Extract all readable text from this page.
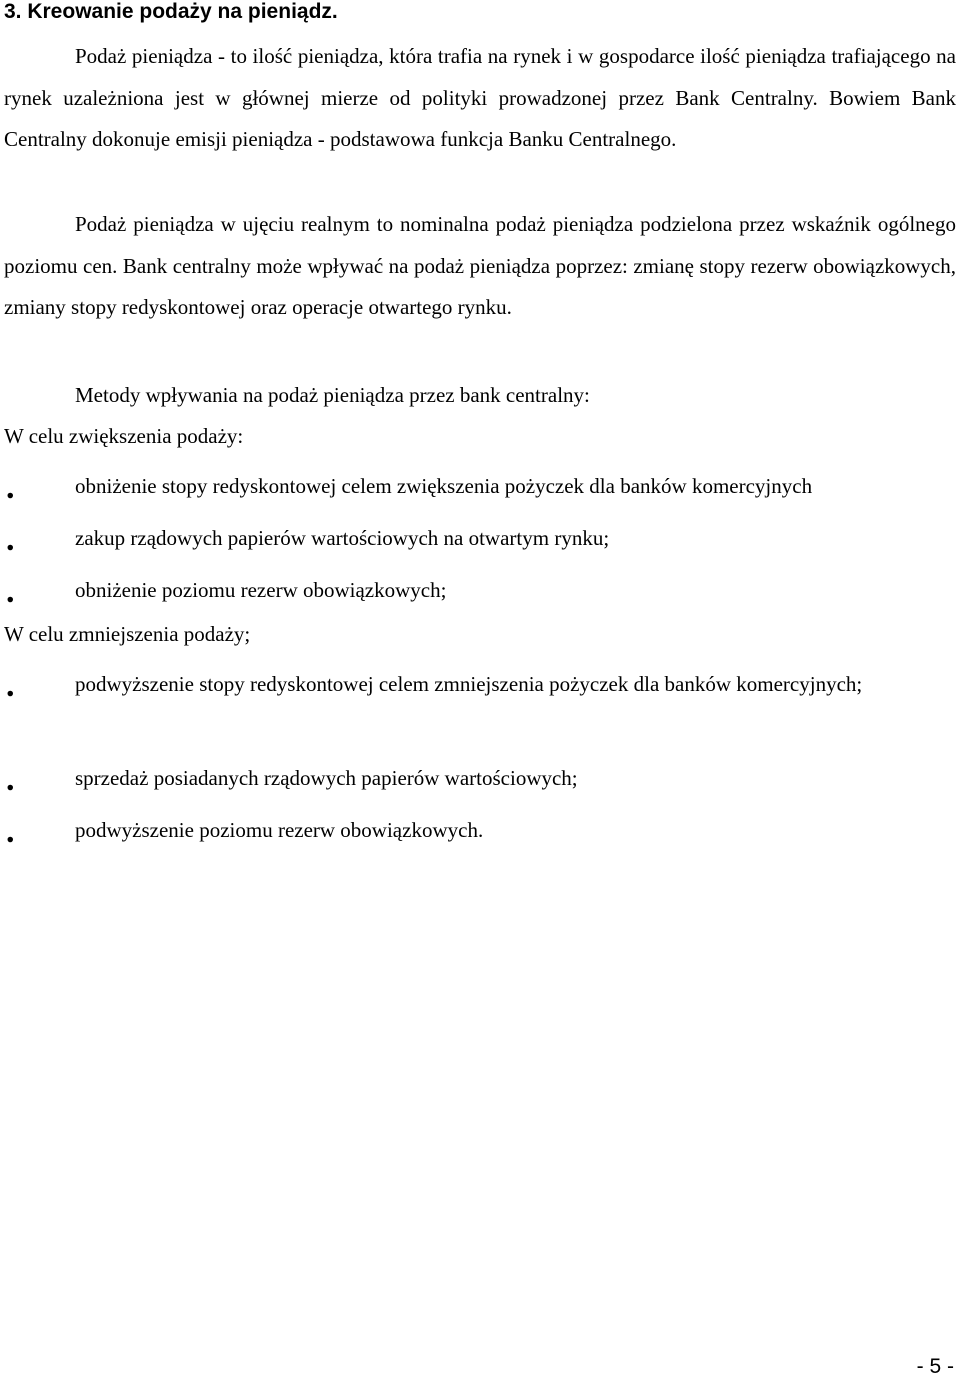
3. Kreowanie podaży na pieniądz.

Podaż pieniądza - to ilość pieniądza, która trafia na rynek i w gospodarce ilość pieniądza trafiającego na rynek uzależniona jest w głównej mierze od polityki prowadzonej przez Bank Centralny. Bowiem Bank Centralny dokonuje emisji pieniądza - podstawowa funkcja Banku Centralnego.

Podaż pieniądza w ujęciu realnym to nominalna podaż pieniądza podzielona przez wskaźnik ogólnego poziomu cen. Bank centralny może wpływać na podaż pieniądza poprzez: zmianę stopy rezerw obowiązkowych, zmiany stopy redyskontowej oraz operacje otwartego rynku.

Metody wpływania na podaż pieniądza przez bank centralny:

W celu zwiększenia podaży:

.	obniżenie stopy redyskontowej celem zwiększenia pożyczek dla banków komercyjnych
.	zakup rządowych papierów wartościowych na otwartym rynku;
.	obniżenie poziomu rezerw obowiązkowych;

W celu zmniejszenia podaży;

.	podwyższenie stopy redyskontowej celem zmniejszenia pożyczek dla banków komercyjnych;
.	sprzedaż posiadanych rządowych papierów wartościowych;
.	podwyższenie poziomu rezerw obowiązkowych.
- 5 -
